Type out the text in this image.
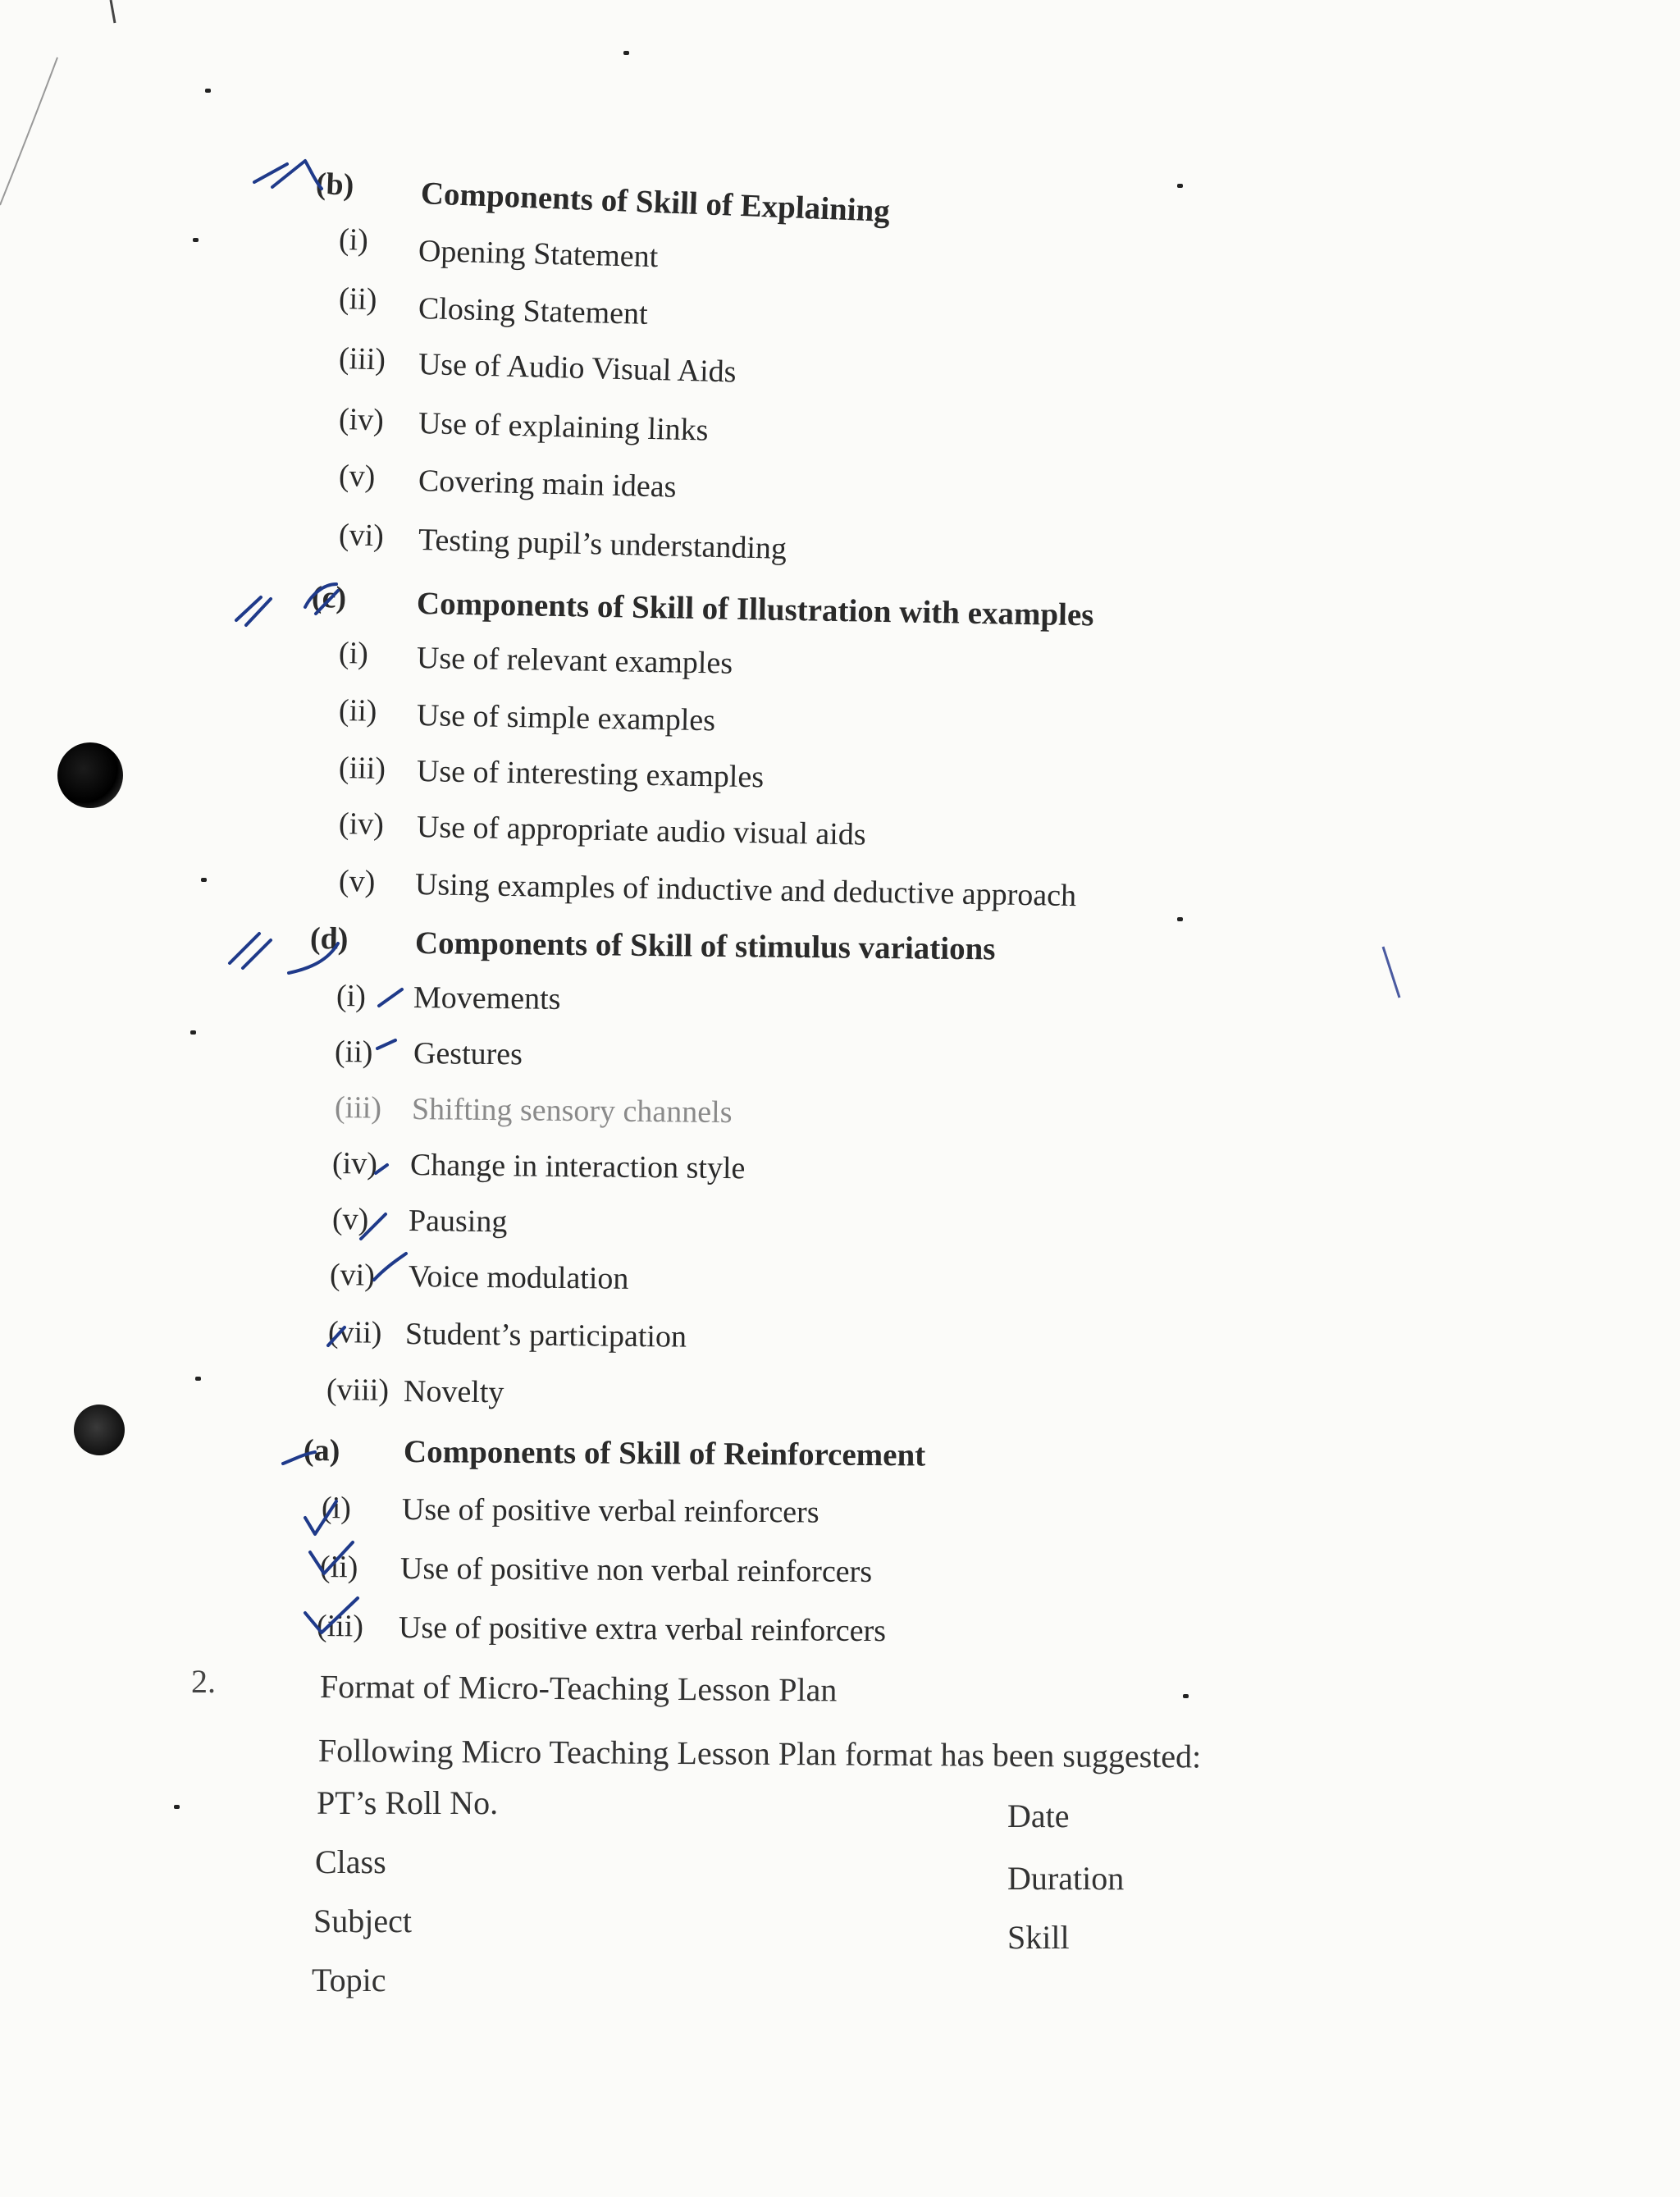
(b) Components of Skill of Explaining
(i) Opening Statement
(ii) Closing Statement
(iii) Use of Audio Visual Aids
(iv) Use of explaining links
(v) Covering main ideas
(vi) Testing pupil’s understanding
(c) Components of Skill of Illustration with examples
(i) Use of relevant examples
(ii) Use of simple examples
(iii) Use of interesting examples
(iv) Use of appropriate audio visual aids
(v) Using examples of inductive and deductive approach
(d) Components of Skill of stimulus variations
(i) Movements
(ii) Gestures
(iii) Shifting sensory channels
(iv) Change in interaction style
(v) Pausing
(vi) Voice modulation
(vii) Student’s participation
(viii) Novelty
(a) Components of Skill of Reinforcement
(i) Use of positive verbal reinforcers
(ii) Use of positive non verbal reinforcers
(iii) Use of positive extra verbal reinforcers
2.	Format of Micro-Teaching Lesson Plan
Following Micro Teaching Lesson Plan format has been suggested:
PT’s Roll No.
Class
Subject
Topic
Date
Duration
Skill
